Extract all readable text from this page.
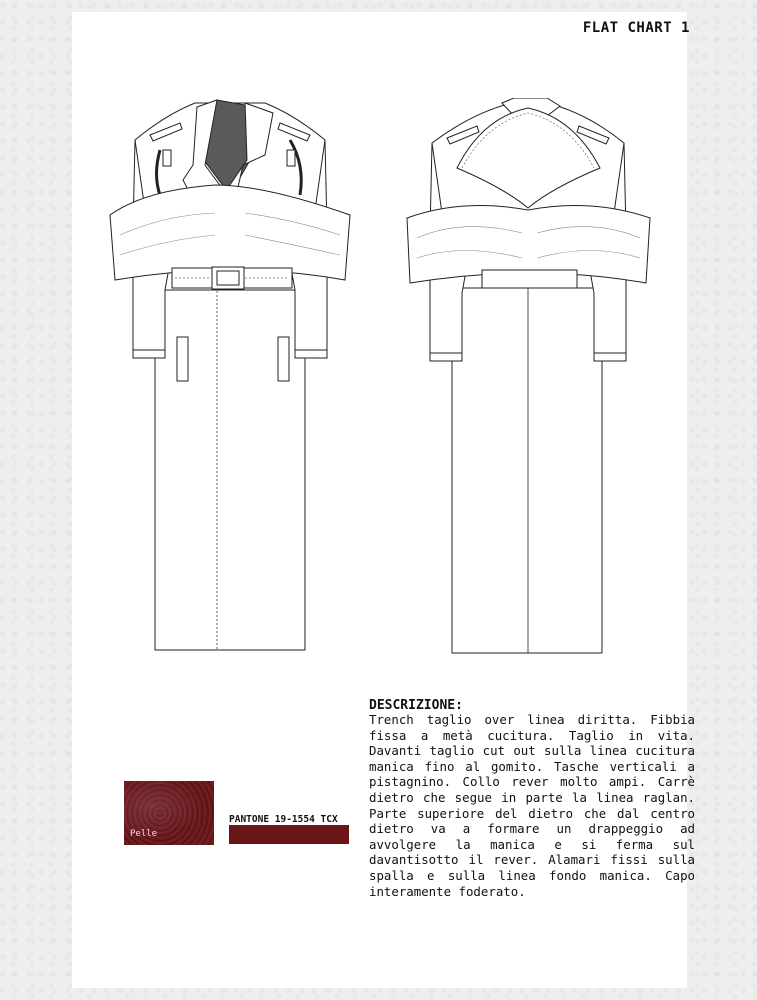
FLAT CHART 1
DESCRIZIONE:

Trench taglio over linea diritta. Fibbia fissa a metà cucitura. Taglio in vita. Davanti taglio cut out sulla linea cucitura manica fino al gomito. Tasche verticali a pistagnino. Collo rever molto ampi. Carrè dietro che segue in parte la linea raglan. Parte superiore del dietro che dal centro dietro va a formare un drappeggio ad avvolgere la manica e si ferma sul davantisotto il rever. Alamari fissi sulla spalla e sulla linea fondo manica. Capo interamente foderato.

Pelle
PANTONE 19-1554 TCX
